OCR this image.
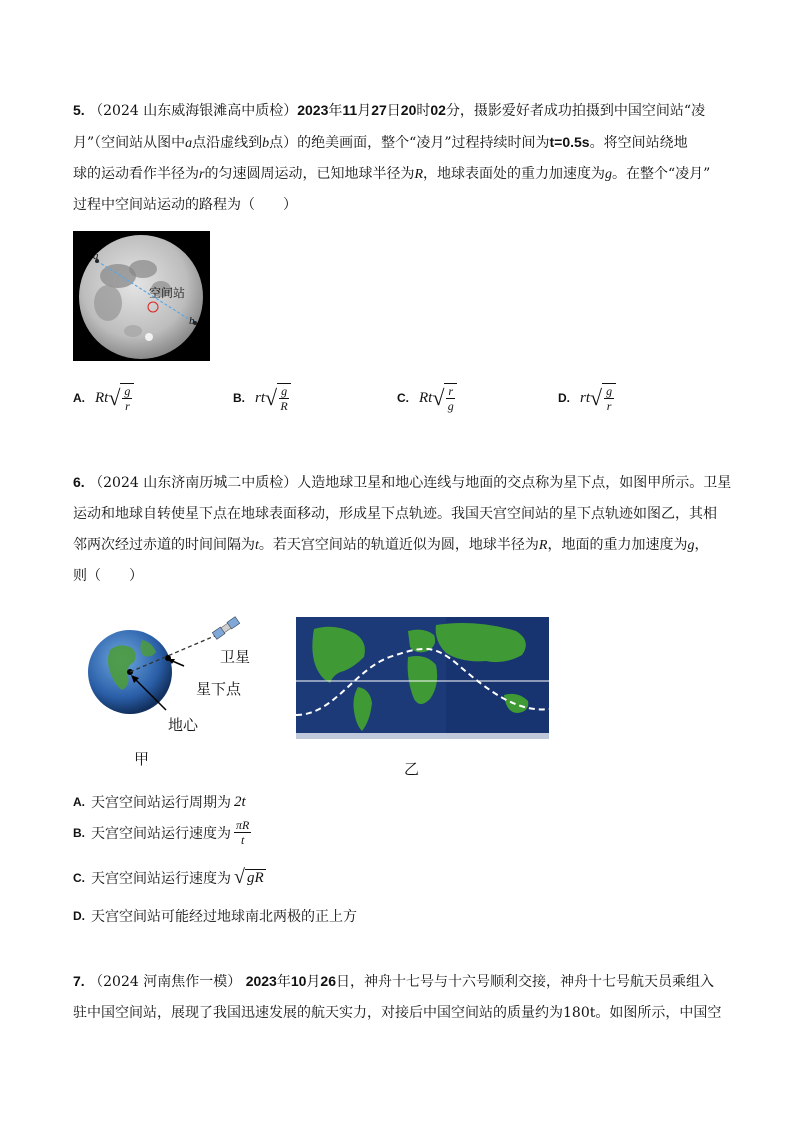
5. （2024 山东威海银滩高中质检）2023年11月27日20时02分，摄影爱好者成功拍摄到中国空间站“凌
月”（空间站从图中a点沿虚线到b点）的绝美画面，整个“凌月”过程持续时间为t=0.5s。将空间站绕地
球的运动看作半径为r的匀速圆周运动，已知地球半径为R，地球表面处的重力加速度为g。在整个“凌月”
过程中空间站运动的路程为（　　）
a
b
空间站
A. Rt √ $\frac{g}{r}$	B. rt √ $\frac{g}{R}$	C. Rt √ $\frac{r}{g}$	D. rt √ $\frac{g}{r}$
6. （2024 山东济南历城二中质检）人造地球卫星和地心连线与地面的交点称为星下点，如图甲所示。卫星
运动和地球自转使星下点在地球表面移动，形成星下点轨迹。我国天宫空间站的星下点轨迹如图乙，其相
邻两次经过赤道的时间间隔为t。若天宫空间站的轨道近似为圆，地球半径为R，地面的重力加速度为g，
则（　　）
卫星
星下点
地心
甲
乙
A. 天宫空间站运行周期为 2t
B. 天宫空间站运行速度为 $\frac{\pi R}{t}$
C. 天宫空间站运行速度为 √ gR
D. 天宫空间站可能经过地球南北两极的正上方
7. （2024 河南焦作一模） 2023年10月26日，神舟十七号与十六号顺利交接，神舟十七号航天员乘组入
驻中国空间站，展现了我国迅速发展的航天实力，对接后中国空间站的质量约为180t。如图所示，中国空
